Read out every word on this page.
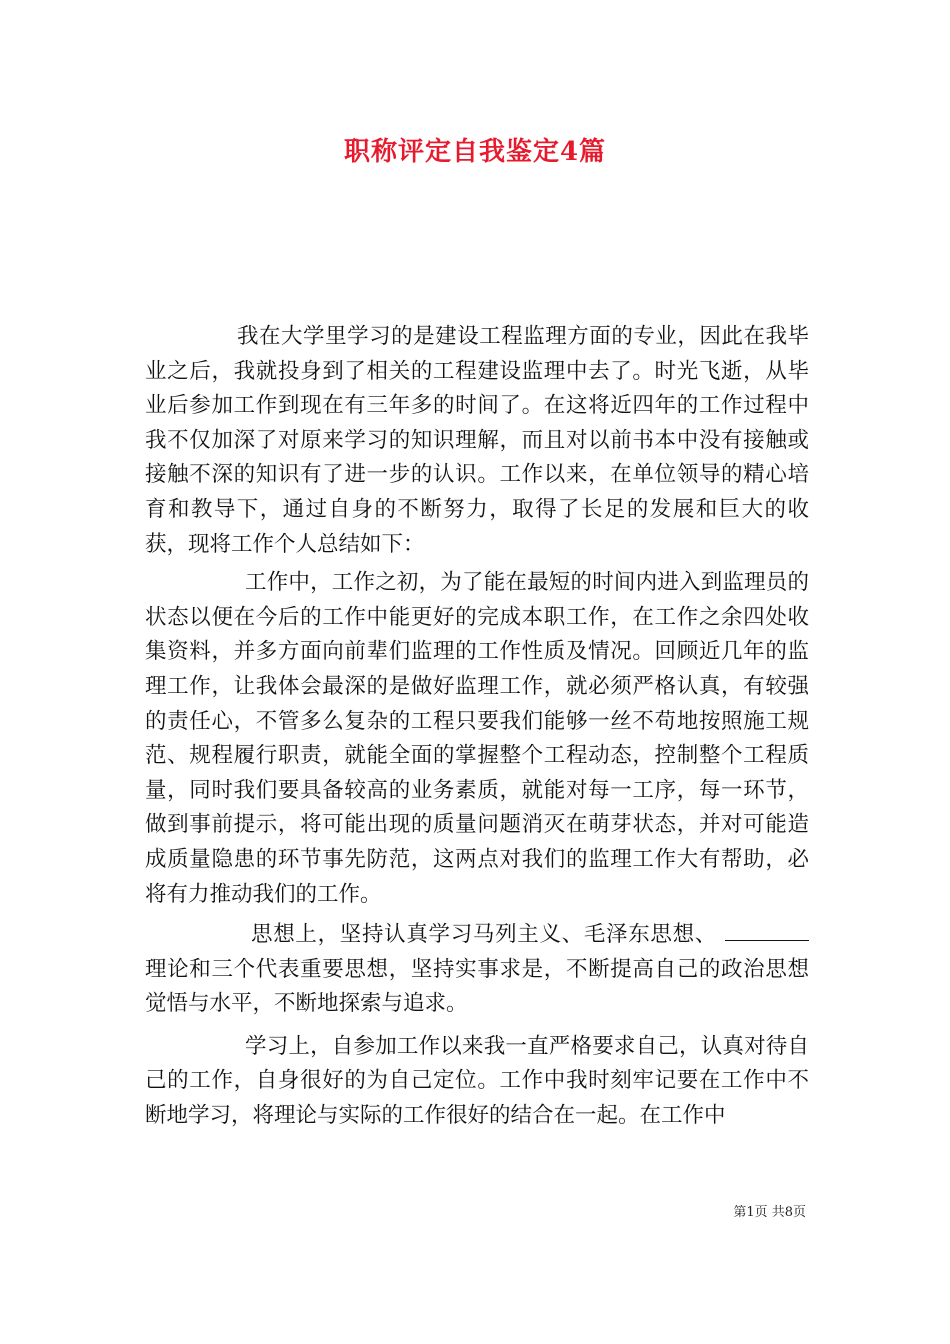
职称评定自我鉴定4篇

我在大学里学习的是建设工程监理方面的专业，因此在我毕业之后，我就投身到了相关的工程建设监理中去了。时光飞逝，从毕业后参加工作到现在有三年多的时间了。在这将近四年的工作过程中我不仅加深了对原来学习的知识理解，而且对以前书本中没有接触或接触不深的知识有了进一步的认识。工作以来，在单位领导的精心培育和教导下，通过自身的不断努力，取得了长足的发展和巨大的收获，现将工作个人总结如下：

工作中，工作之初，为了能在最短的时间内进入到监理员的状态以便在今后的工作中能更好的完成本职工作，在工作之余四处收集资料，并多方面向前辈们监理的工作性质及情况。回顾近几年的监理工作，让我体会最深的是做好监理工作，就必须严格认真，有较强的责任心，不管多么复杂的工程只要我们能够一丝不苟地按照施工规范、规程履行职责，就能全面的掌握整个工程动态，控制整个工程质量，同时我们要具备较高的业务素质，就能对每一工序，每一环节，做到事前提示，将可能出现的质量问题消灭在萌芽状态，并对可能造成质量隐患的环节事先防范，这两点对我们的监理工作大有帮助，必将有力推动我们的工作。

思想上，坚持认真学习马列主义、毛泽东思想、理论和三个代表重要思想，坚持实事求是，不断提高自己的政治思想觉悟与水平，不断地探索与追求。

学习上，自参加工作以来我一直严格要求自己，认真对待自己的工作，自身很好的为自己定位。工作中我时刻牢记要在工作中不断地学习，将理论与实际的工作很好的结合在一起。在工作中

第1页 共8页
